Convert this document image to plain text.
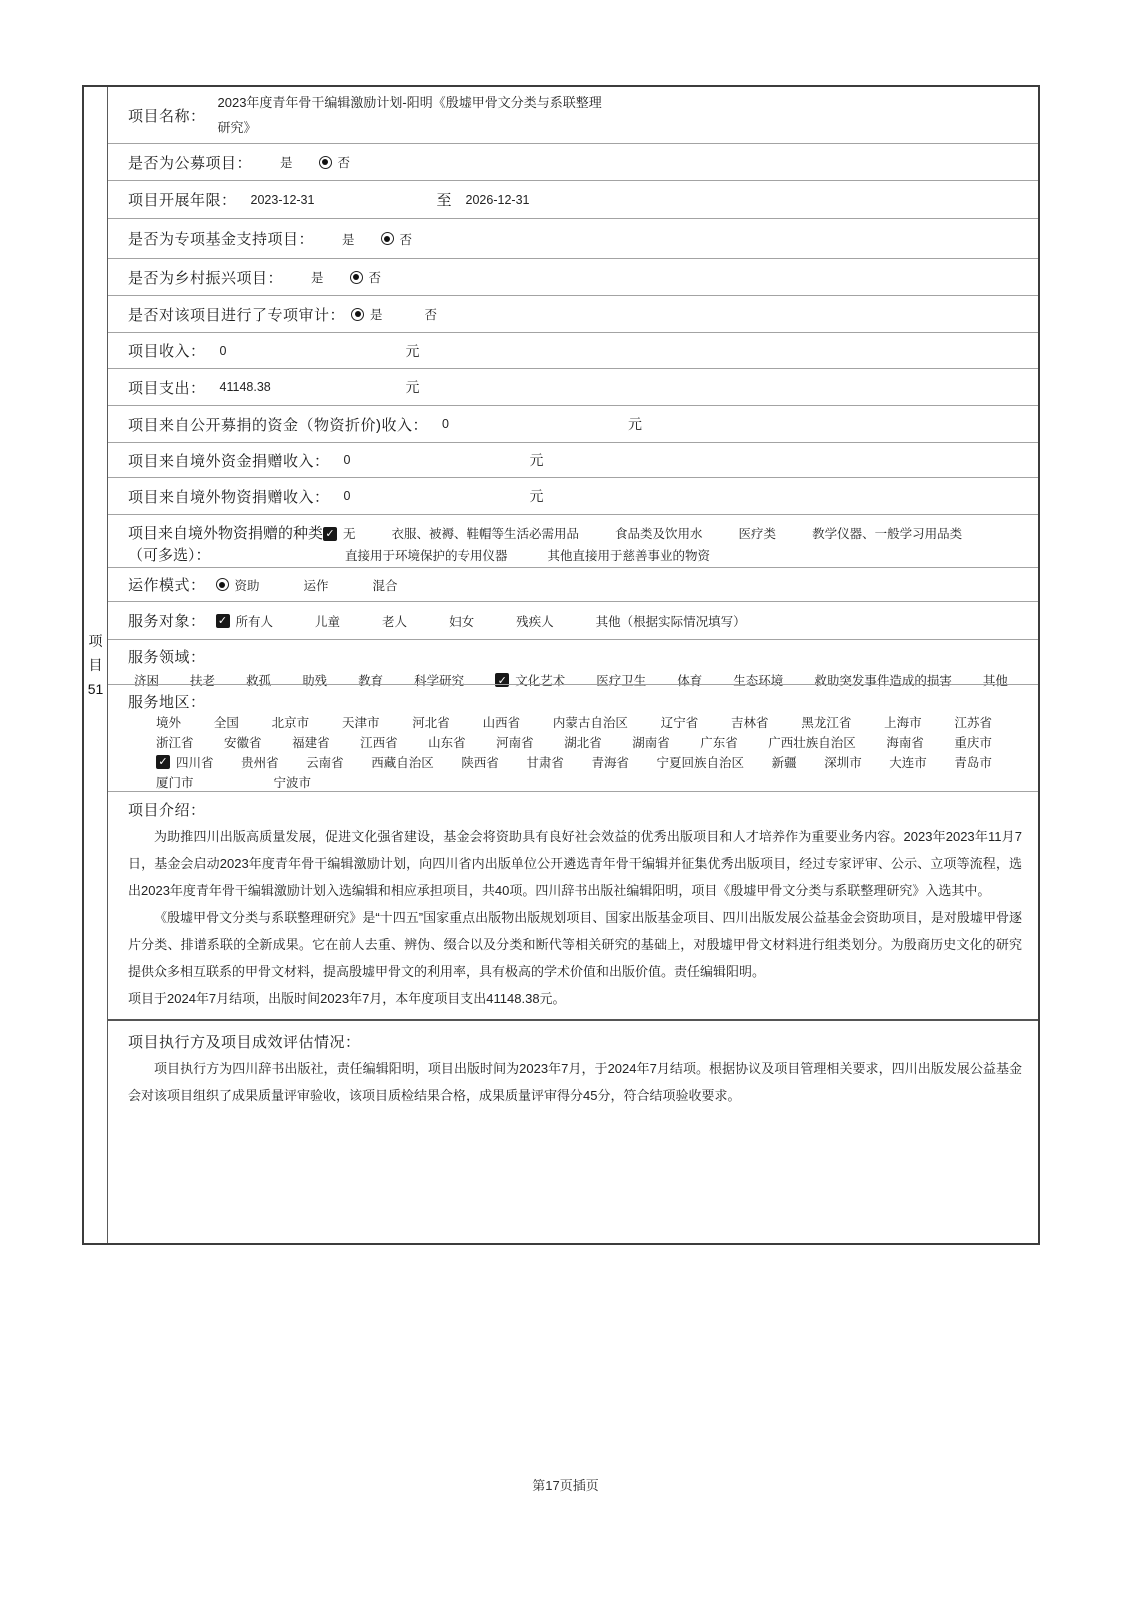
项
目
51
项目名称：
2023年度青年骨干编辑激励计划-阳明《殷墟甲骨文分类与系联整理研究》
是否为公募项目： 是	否
项目开展年限： 2023-12-31	至 2026-12-31
是否为专项基金支持项目： 是	否
是否为乡村振兴项目： 是	否
是否对该项目进行了专项审计： 是	否
项目收入： 0	元
项目支出： 41148.38	元
项目来自公开募捐的资金（物资折价)收入： 0	元
项目来自境外资金捐赠收入： 0	元
项目来自境外物资捐赠收入： 0	元
项目来自境外物资捐赠的种类
（可多选）：
✓ 无	衣服、被褥、鞋帽等生活必需用品	食品类及饮用水	医疗类	教学仪器、一般学习用品类
直接用于环境保护的专用仪器	其他直接用于慈善事业的物资
运作模式： 资助	运作	混合
服务对象： ✓ 所有人	儿童	老人	妇女	残疾人	其他（根据实际情况填写）
服务领域：
济困 扶老 救孤 助残 教育 科学研究	✓ 文化艺术 医疗卫生 体育 生态环境 救助突发事件造成的损害 其他
服务地区：
境外	全国	北京市	天津市	河北省	山西省	内蒙古自治区	辽宁省	吉林省	黑龙江省	上海市	江苏省
浙江省 安徽省 福建省 江西省 山东省 河南省 湖北省 湖南省 广东省 广西壮族自治区 海南省 重庆市
✓ 四川省 贵州省 云南省 西藏自治区 陕西省 甘肃省 青海省 宁夏回族自治区 新疆 深圳市 大连市 青岛市
厦门市	宁波市
项目介绍：

为助推四川出版高质量发展，促进文化强省建设，基金会将资助具有良好社会效益的优秀出版项目和人才培养作为重要业务内容。2023年2023年11月7日，基金会启动2023年度青年骨干编辑激励计划，向四川省内出版单位公开遴选青年骨干编辑并征集优秀出版项目，经过专家评审、公示、立项等流程，选出2023年度青年骨干编辑激励计划入选编辑和相应承担项目，共40项。四川辞书出版社编辑阳明，项目《殷墟甲骨文分类与系联整理研究》入选其中。

《殷墟甲骨文分类与系联整理研究》是“十四五”国家重点出版物出版规划项目、国家出版基金项目、四川出版发展公益基金会资助项目，是对殷墟甲骨逐片分类、排谱系联的全新成果。它在前人去重、辨伪、缀合以及分类和断代等相关研究的基础上，对殷墟甲骨文材料进行组类划分。为殷商历史文化的研究提供众多相互联系的甲骨文材料，提高殷墟甲骨文的利用率，具有极高的学术价值和出版价值。责任编辑阳明。

项目于2024年7月结项，出版时间2023年7月，本年度项目支出41148.38元。

项目执行方及项目成效评估情况：

项目执行方为四川辞书出版社，责任编辑阳明，项目出版时间为2023年7月，于2024年7月结项。根据协议及项目管理相关要求，四川出版发展公益基金会对该项目组织了成果质量评审验收，该项目质检结果合格，成果质量评审得分45分，符合结项验收要求。

第17页插页
